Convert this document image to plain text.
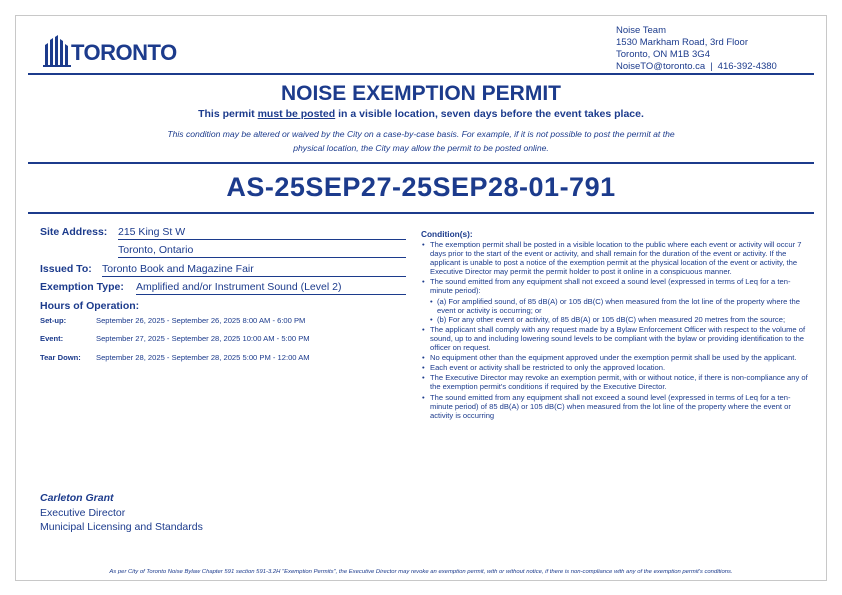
TORONTO
Noise Team
1530 Markham Road, 3rd Floor
Toronto, ON M1B 3G4
NoiseTO@toronto.ca | 416-392-4380
NOISE EXEMPTION PERMIT
This permit must be posted in a visible location, seven days before the event takes place.
This condition may be altered or waived by the City on a case-by-case basis. For example, if it is not possible to post the permit at the physical location, the City may allow the permit to be posted online.
AS-25SEP27-25SEP28-01-791
Site Address: 215 King St W
Toronto, Ontario
Issued To: Toronto Book and Magazine Fair
Exemption Type: Amplified and/or Instrument Sound (Level 2)
Hours of Operation:
Set-up:	September 26, 2025 - September 26, 2025 8:00 AM - 6:00 PM
Event:	September 27, 2025 - September 28, 2025 10:00 AM - 5:00 PM
Tear Down: September 28, 2025 - September 28, 2025 5:00 PM - 12:00 AM
Condition(s):
• The exemption permit shall be posted in a visible location to the public where each event or activity will occur 7 days prior to the start of the event or activity, and shall remain for the duration of the event or activity. If the applicant is unable to post a notice of the exemption permit at the physical location of the event or activity, the Executive Director may permit the permit holder to post it online in a conspicuous manner.
• The sound emitted from any equipment shall not exceed a sound level (expressed in terms of Leq for a ten-minute period):
• (a) For amplified sound, of 85 dB(A) or 105 dB(C) when measured from the lot line of the property where the event or activity is occurring; or
• (b) For any other event or activity, of 85 dB(A) or 105 dB(C) when measured 20 metres from the source;
• The applicant shall comply with any request made by a Bylaw Enforcement Officer with respect to the volume of sound, up to and including lowering sound levels to be compliant with the bylaw or providing identification to the officer on request.
• No equipment other than the equipment approved under the exemption permit shall be used by the applicant.
• Each event or activity shall be restricted to only the approved location.
• The Executive Director may revoke an exemption permit, with or without notice, if there is non-compliance any of the exemption permit's conditions if required by the Executive Director.
• The sound emitted from any equipment shall not exceed a sound level (expressed in terms of Leq for a ten-minute period) of 85 dB(A) or 105 dB(C) when measured from the lot line of the property where the event or activity is occurring
Carleton Grant
Executive Director
Municipal Licensing and Standards
As per City of Toronto Noise Bylaw Chapter 591 section 591-3.2H "Exemption Permits", the Executive Director may revoke an exemption permit, with or without notice, if there is non-compliance with any of the exemption permit's conditions.
